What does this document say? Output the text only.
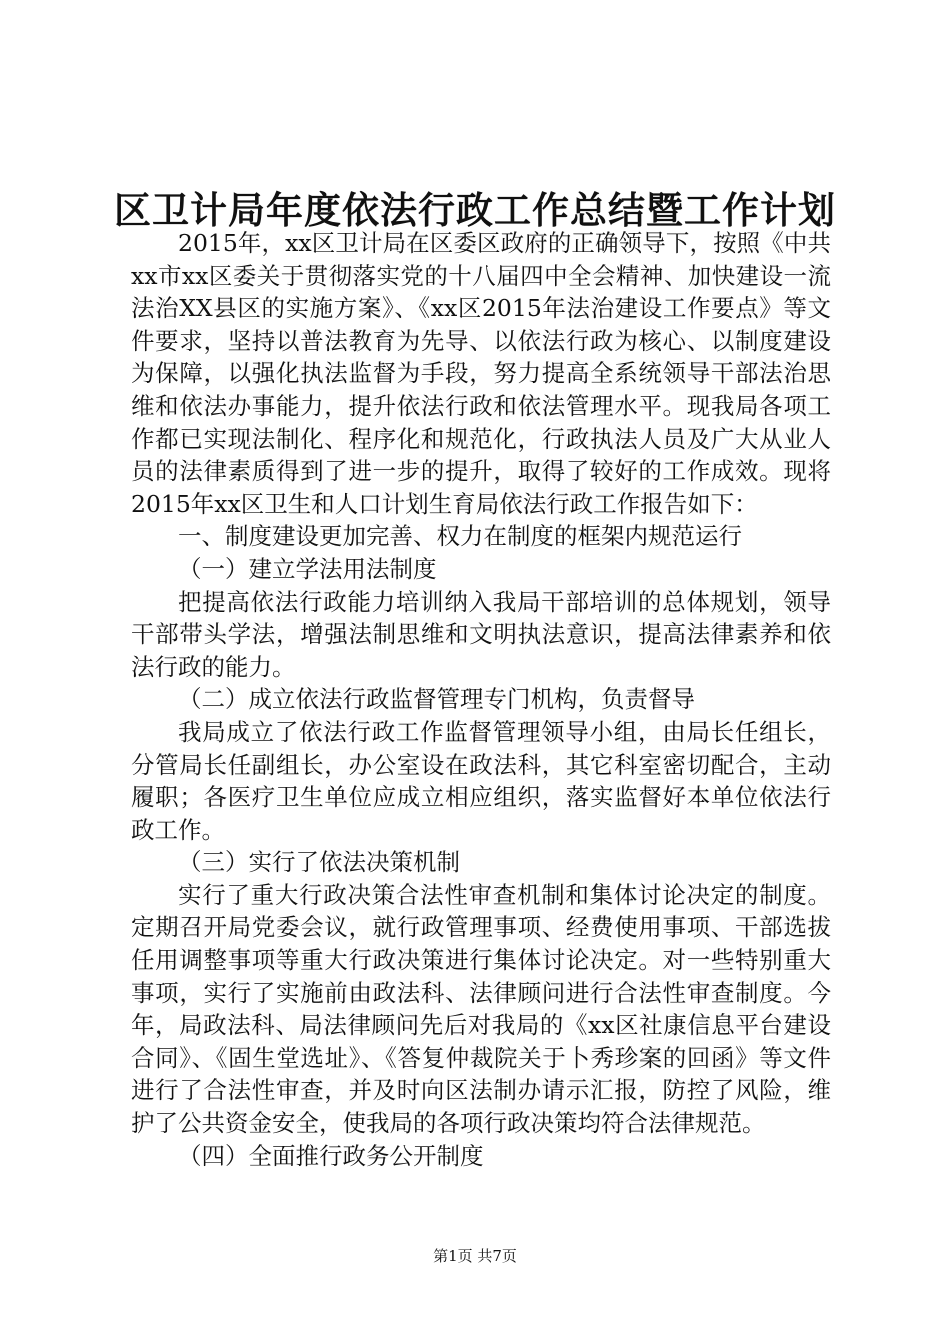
区卫计局年度依法行政工作总结暨工作计划

2015年，xx区卫计局在区委区政府的正确领导下，按照《中共xx市xx区委关于贯彻落实党的十八届四中全会精神、加快建设一流法治XX县区的实施方案》、《xx区2015年法治建设工作要点》等文件要求，坚持以普法教育为先导、以依法行政为核心、以制度建设为保障，以强化执法监督为手段，努力提高全系统领导干部法治思维和依法办事能力，提升依法行政和依法管理水平。现我局各项工作都已实现法制化、程序化和规范化，行政执法人员及广大从业人员的法律素质得到了进一步的提升，取得了较好的工作成效。现将2015年xx区卫生和人口计划生育局依法行政工作报告如下：

一、制度建设更加完善、权力在制度的框架内规范运行

（一）建立学法用法制度

把提高依法行政能力培训纳入我局干部培训的总体规划，领导干部带头学法，增强法制思维和文明执法意识，提高法律素养和依法行政的能力。

（二）成立依法行政监督管理专门机构，负责督导

我局成立了依法行政工作监督管理领导小组，由局长任组长，分管局长任副组长，办公室设在政法科，其它科室密切配合，主动履职；各医疗卫生单位应成立相应组织，落实监督好本单位依法行政工作。

（三）实行了依法决策机制

实行了重大行政决策合法性审查机制和集体讨论决定的制度。定期召开局党委会议，就行政管理事项、经费使用事项、干部选拔任用调整事项等重大行政决策进行集体讨论决定。对一些特别重大事项，实行了实施前由政法科、法律顾问进行合法性审查制度。今年，局政法科、局法律顾问先后对我局的《xx区社康信息平台建设合同》、《固生堂选址》、《答复仲裁院关于卜秀珍案的回函》等文件进行了合法性审查，并及时向区法制办请示汇报，防控了风险，维护了公共资金安全，使我局的各项行政决策均符合法律规范。

（四）全面推行政务公开制度

第1页 共7页
